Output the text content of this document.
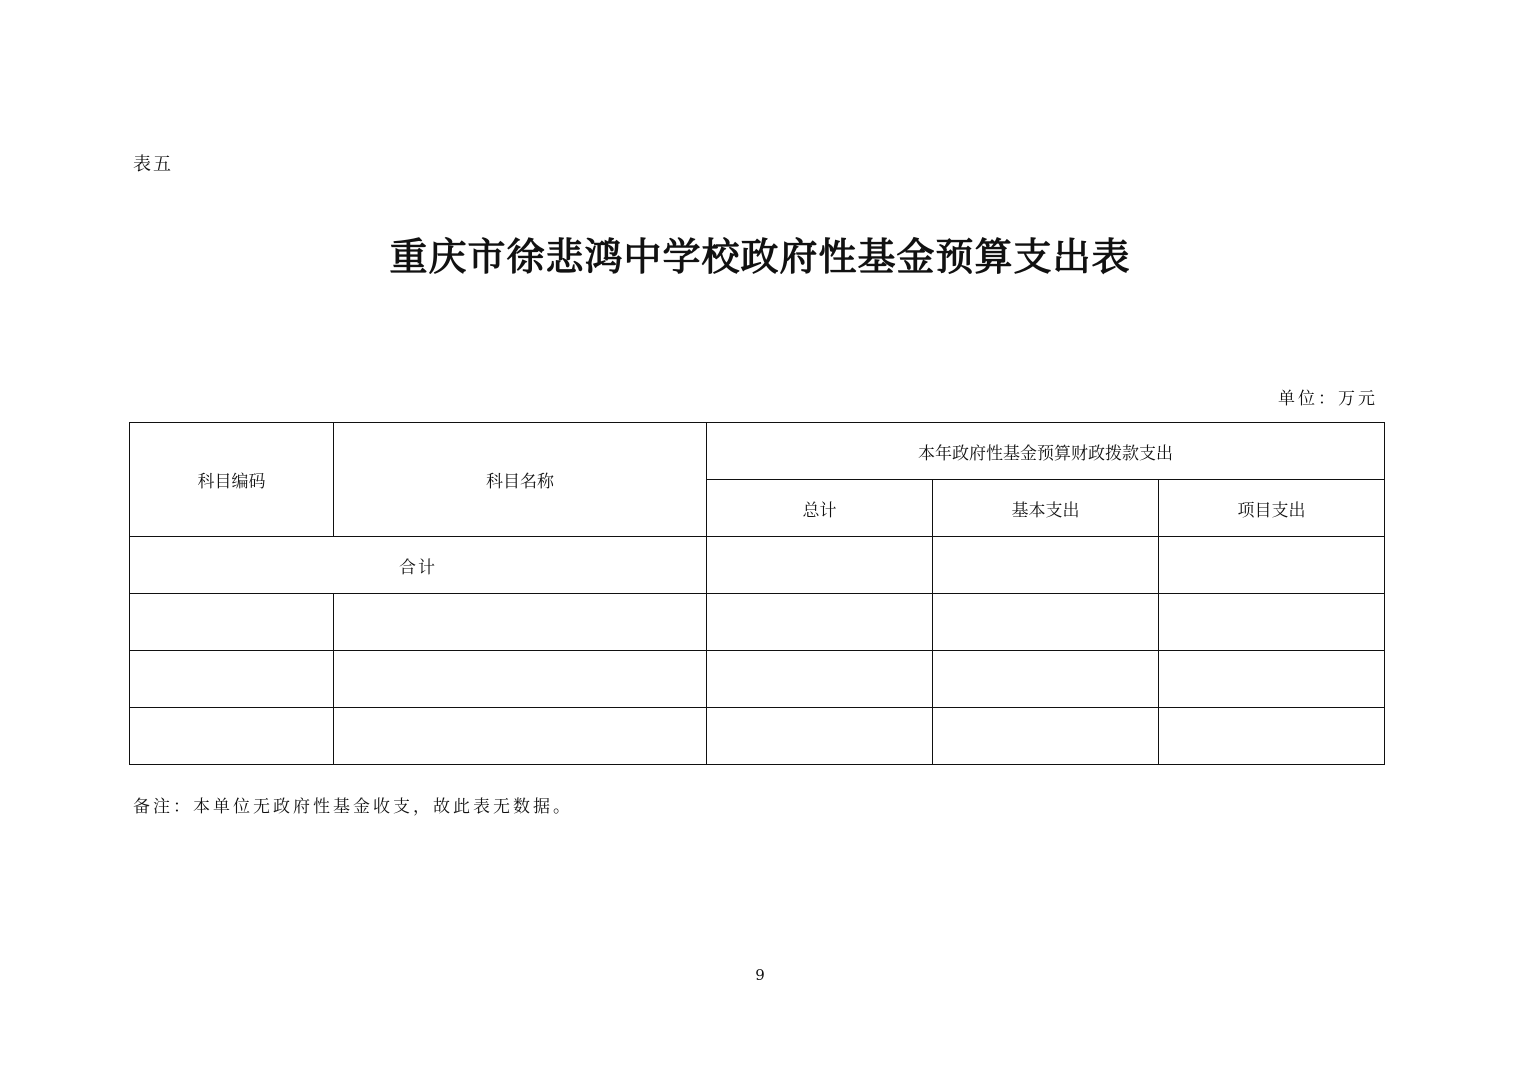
表五
重庆市徐悲鸿中学校政府性基金预算支出表
单位：万元
科目编码	科目名称	本年政府性基金预算财政拨款支出		
		总计	基本支出	项目支出
合计				

备注：本单位无政府性基金收支，故此表无数据。
9
